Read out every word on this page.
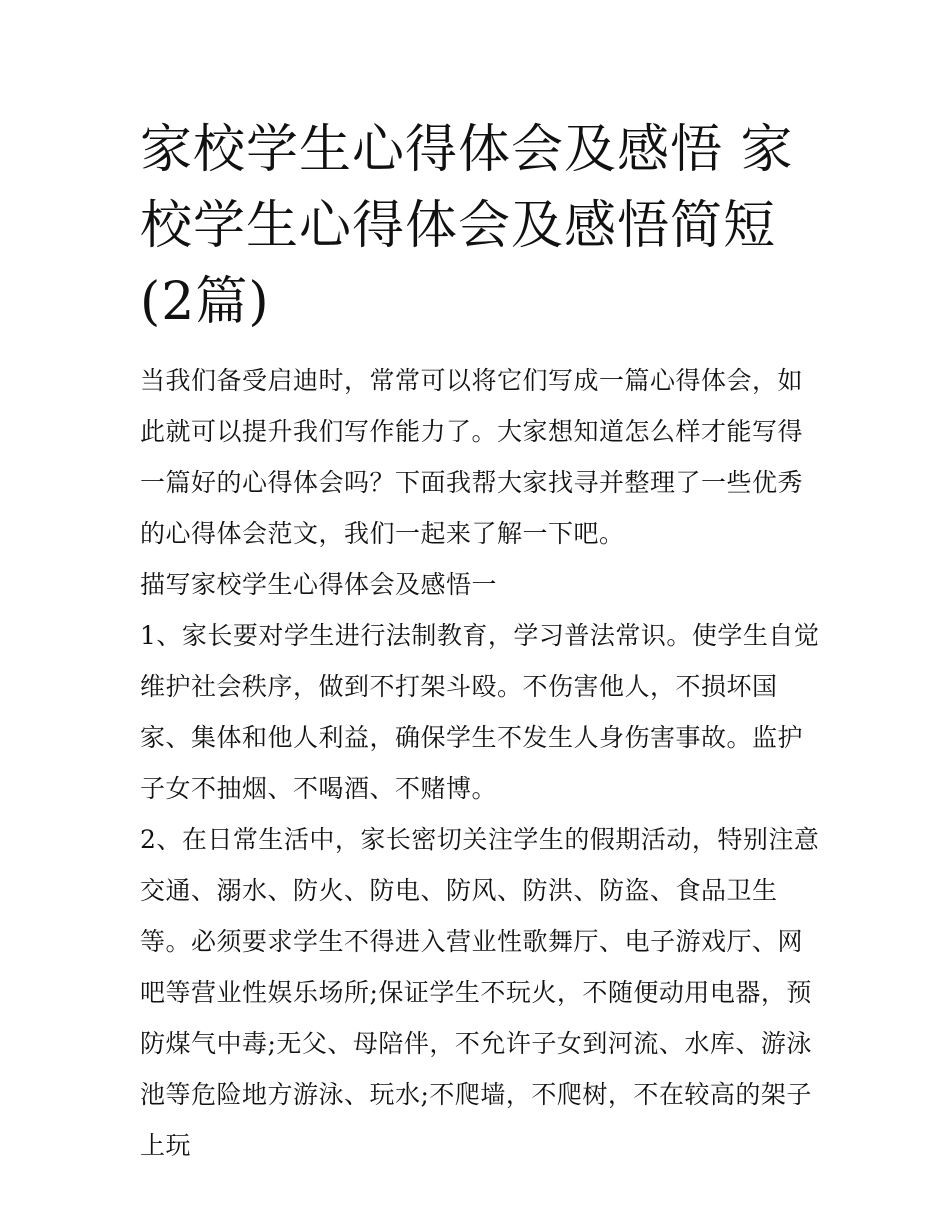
家校学生心得体会及感悟 家校学生心得体会及感悟简短(2篇)

当我们备受启迪时，常常可以将它们写成一篇心得体会，如此就可以提升我们写作能力了。大家想知道怎么样才能写得一篇好的心得体会吗？下面我帮大家找寻并整理了一些优秀的心得体会范文，我们一起来了解一下吧。

描写家校学生心得体会及感悟一

1、家长要对学生进行法制教育，学习普法常识。使学生自觉维护社会秩序，做到不打架斗殴。不伤害他人，不损坏国家、集体和他人利益，确保学生不发生人身伤害事故。监护子女不抽烟、不喝酒、不赌博。

2、在日常生活中，家长密切关注学生的假期活动，特别注意交通、溺水、防火、防电、防风、防洪、防盗、食品卫生等。必须要求学生不得进入营业性歌舞厅、电子游戏厅、网吧等营业性娱乐场所;保证学生不玩火，不随便动用电器，预防煤气中毒;无父、母陪伴，不允许子女到河流、水库、游泳池等危险地方游泳、玩水;不爬墙，不爬树，不在较高的架子上玩
